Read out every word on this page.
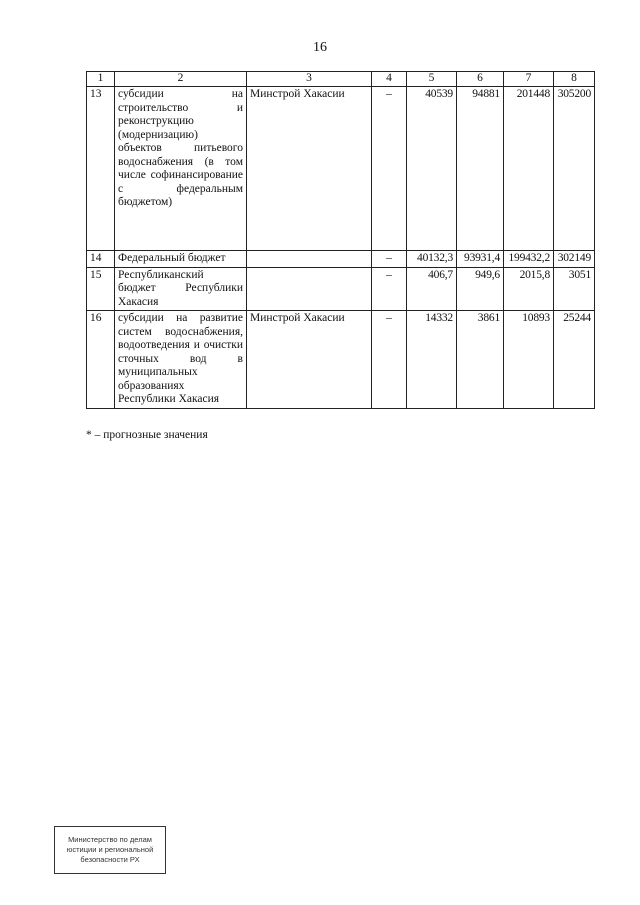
16
1	2	3	4	5	6	7	8
13	субсидии на строительство и реконструкцию (модернизацию) объектов питьевого водоснабжения (в том числе софинансирование с федеральным бюджетом)	Минстрой Хакасии	–	40539	94881	201448	305200
14	Федеральный бюджет		–	40132,3	93931,4	199432,2	302149
15	Республиканский бюджет Республики Хакасия		–	406,7	949,6	2015,8	3051
16	субсидии на развитие систем водоснабжения, водоотведения и очистки сточных вод в муниципальных образованиях Республики Хакасия	Минстрой Хакасии	–	14332	3861	10893	25244
* – прогнозные значения
Министерство по делам
юстиции и региональной
безопасности РХ
